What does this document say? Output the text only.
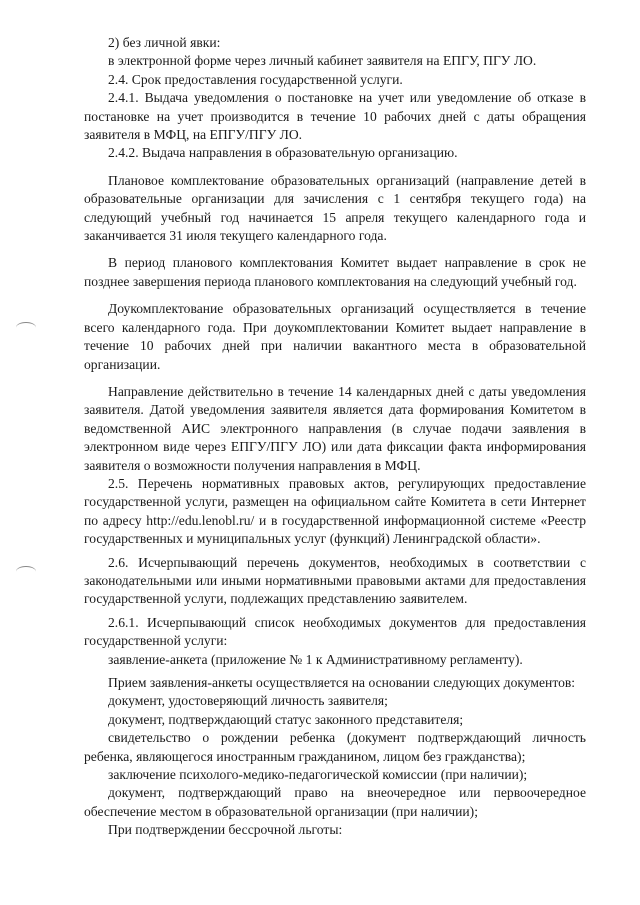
2) без личной явки:

в электронной форме через личный кабинет заявителя на ЕПГУ, ПГУ ЛО.

2.4. Срок предоставления государственной услуги.

2.4.1. Выдача уведомления о постановке на учет или уведомление об отказе в постановке на учет производится в течение 10 рабочих дней с даты обращения заявителя в МФЦ, на ЕПГУ/ПГУ ЛО.

2.4.2. Выдача направления в образовательную организацию.

Плановое комплектование образовательных организаций (направление детей в образовательные организации для зачисления с 1 сентября текущего года) на следующий учебный год начинается 15 апреля текущего календарного года и заканчивается 31 июля текущего календарного года.

В период планового комплектования Комитет выдает направление в срок не позднее завершения периода планового комплектования на следующий учебный год.

Доукомплектование образовательных организаций осуществляется в течение всего календарного года. При доукомплектовании Комитет выдает направление в течение 10 рабочих дней при наличии вакантного места в образовательной организации.

Направление действительно в течение 14 календарных дней с даты уведомления заявителя. Датой уведомления заявителя является дата формирования Комитетом в ведомственной АИС электронного направления (в случае подачи заявления в электронном виде через ЕПГУ/ПГУ ЛО) или дата фиксации факта информирования заявителя о возможности получения направления в МФЦ.

2.5. Перечень нормативных правовых актов, регулирующих предоставление государственной услуги, размещен на официальном сайте Комитета в сети Интернет по адресу http://edu.lenobl.ru/ и в государственной информационной системе «Реестр государственных и муниципальных услуг (функций) Ленинградской области».

2.6. Исчерпывающий перечень документов, необходимых в соответствии с законодательными или иными нормативными правовыми актами для предоставления государственной услуги, подлежащих представлению заявителем.

2.6.1. Исчерпывающий список необходимых документов для предоставления государственной услуги:

заявление-анкета (приложение № 1 к Административному регламенту).

Прием заявления-анкеты осуществляется на основании следующих документов:

документ, удостоверяющий личность заявителя;

документ, подтверждающий статус законного представителя;

свидетельство о рождении ребенка (документ подтверждающий личность ребенка, являющегося иностранным гражданином, лицом без гражданства);

заключение психолого-медико-педагогической комиссии (при наличии);

документ, подтверждающий право на внеочередное или первоочередное обеспечение местом в образовательной организации (при наличии);

При подтверждении бессрочной льготы:
